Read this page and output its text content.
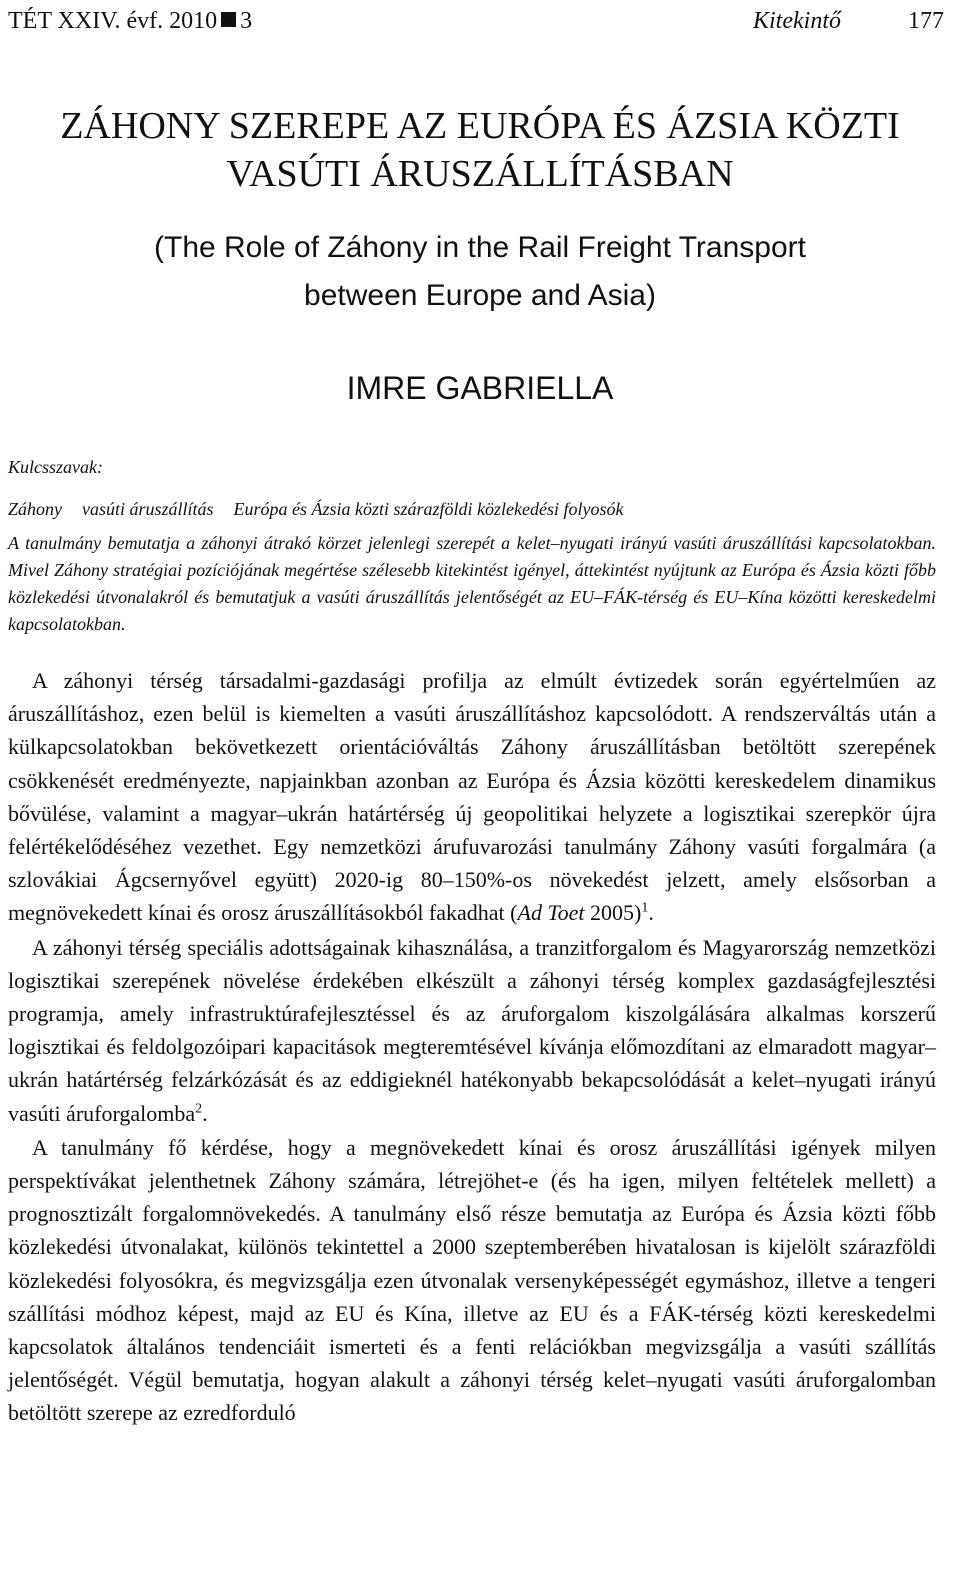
TÉT XXIV. évf. 2010 3	Kitekintő	177
ZÁHONY SZEREPE AZ EURÓPA ÉS ÁZSIA KÖZTI
VASÚTI ÁRUSZÁLLÍTÁSBAN
(The Role of Záhony in the Rail Freight Transport
between Europe and Asia)
IMRE GABRIELLA
Kulcsszavak:
Záhony vasúti áruszállítás Európa és Ázsia közti szárazföldi közlekedési folyosók

A tanulmány bemutatja a záhonyi átrakó körzet jelenlegi szerepét a kelet–nyugati irányú vasúti áruszállítási kapcsolatokban. Mivel Záhony stratégiai pozíciójának megértése szélesebb kitekintést igényel, áttekintést nyújtunk az Európa és Ázsia közti főbb közlekedési útvonalakról és bemutatjuk a vasúti áruszállítás jelentőségét az EU–FÁK-térség és EU–Kína közötti kereskedelmi kapcsolatokban.

A záhonyi térség társadalmi-gazdasági profilja az elmúlt évtizedek során egyértelműen az áruszállításhoz, ezen belül is kiemelten a vasúti áruszállításhoz kapcsolódott. A rendszerváltás után a külkapcsolatokban bekövetkezett orientációváltás Záhony áruszállításban betöltött szerepének csökkenését eredményezte, napjainkban azonban az Európa és Ázsia közötti kereskedelem dinamikus bővülése, valamint a magyar–ukrán határtérség új geopolitikai helyzete a logisztikai szerepkör újra felértékelődéséhez vezethet. Egy nemzetközi árufuvarozási tanulmány Záhony vasúti forgalmára (a szlovákiai Ágcsernyővel együtt) 2020-ig 80–150%-os növekedést jelzett, amely elsősorban a megnövekedett kínai és orosz áruszállításokból fakadhat (Ad Toet 2005)$^1$.

A záhonyi térség speciális adottságainak kihasználása, a tranzitforgalom és Magyarország nemzetközi logisztikai szerepének növelése érdekében elkészült a záhonyi térség komplex gazdaságfejlesztési programja, amely infrastruktúrafejlesztéssel és az áruforgalom kiszolgálására alkalmas korszerű logisztikai és feldolgozóipari kapacitások megteremtésével kívánja előmozdítani az elmaradott magyar–ukrán határtérség felzárkózását és az eddigieknél hatékonyabb bekapcsolódását a kelet–nyugati irányú vasúti áruforgalomba$^2$.

A tanulmány fő kérdése, hogy a megnövekedett kínai és orosz áruszállítási igények milyen perspektívákat jelenthetnek Záhony számára, létrejöhet-e (és ha igen, milyen feltételek mellett) a prognosztizált forgalomnövekedés. A tanulmány első része bemutatja az Európa és Ázsia közti főbb közlekedési útvonalakat, különös tekintettel a 2000 szeptemberében hivatalosan is kijelölt szárazföldi közlekedési folyosókra, és megvizsgálja ezen útvonalak versenyképességét egymáshoz, illetve a tengeri szállítási módhoz képest, majd az EU és Kína, illetve az EU és a FÁK-térség közti kereskedelmi kapcsolatok általános tendenciáit ismerteti és a fenti relációkban megvizsgálja a vasúti szállítás jelentőségét. Végül bemutatja, hogyan alakult a záhonyi térség kelet–nyugati vasúti áruforgalomban betöltött szerepe az ezredforduló
